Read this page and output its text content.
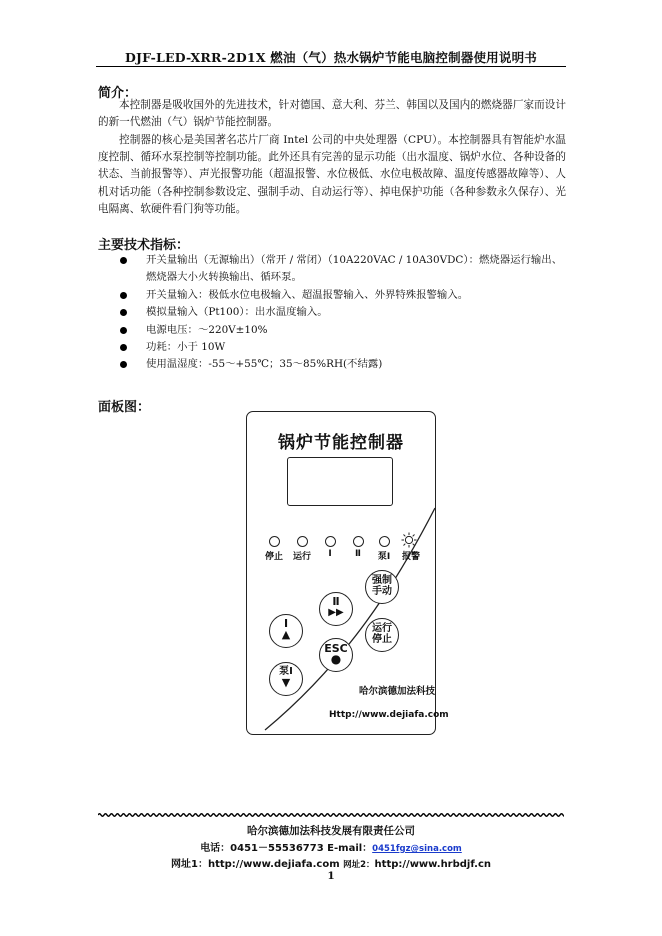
DJF-LED-XRR-2D1X 燃油（气）热水锅炉节能电脑控制器使用说明书
简介：
本控制器是吸收国外的先进技术，针对德国、意大利、芬兰、韩国以及国内的燃烧器厂家而设计的新一代燃油（气）锅炉节能控制器。
控制器的核心是美国著名芯片厂商 Intel 公司的中央处理器（CPU）。本控制器具有智能炉水温度控制、循环水泵控制等控制功能。此外还具有完善的显示功能（出水温度、锅炉水位、各种设备的状态、当前报警等）、声光报警功能（超温报警、水位极低、水位电极故障、温度传感器故障等）、人机对话功能（各种控制参数设定、强制手动、自动运行等）、掉电保护功能（各种参数永久保存）、光电隔离、软硬件看门狗等功能。
主要技术指标：
开关量输出（无源输出）（常开 / 常闭）（10A220VAC / 10A30VDC）：燃烧器运行输出、燃烧器大小火转换输出、循环泵。
开关量输入：极低水位电极输入、超温报警输入、外界特殊报警输入。
模拟量输入（Pt100）：出水温度输入。
电源电压：～220V±10%
功耗：小于 10W
使用温湿度：-55～+55℃；35～85%RH(不结露)
面板图：
锅炉节能控制器
停止	运行	Ⅰ	Ⅱ	泵Ⅰ	报警
强制手动
Ⅱ
▶▶
Ⅰ
▲	运行停止
ESC
●
泵Ⅰ
▼
哈尔滨德加法科技
Http://www.dejiafa.com
哈尔滨德加法科技发展有限责任公司
电话：0451－55536773 E-mail：0451fgz@sina.com
网址1：http://www.dejiafa.com 网址2：http://www.hrbdjf.cn
1
